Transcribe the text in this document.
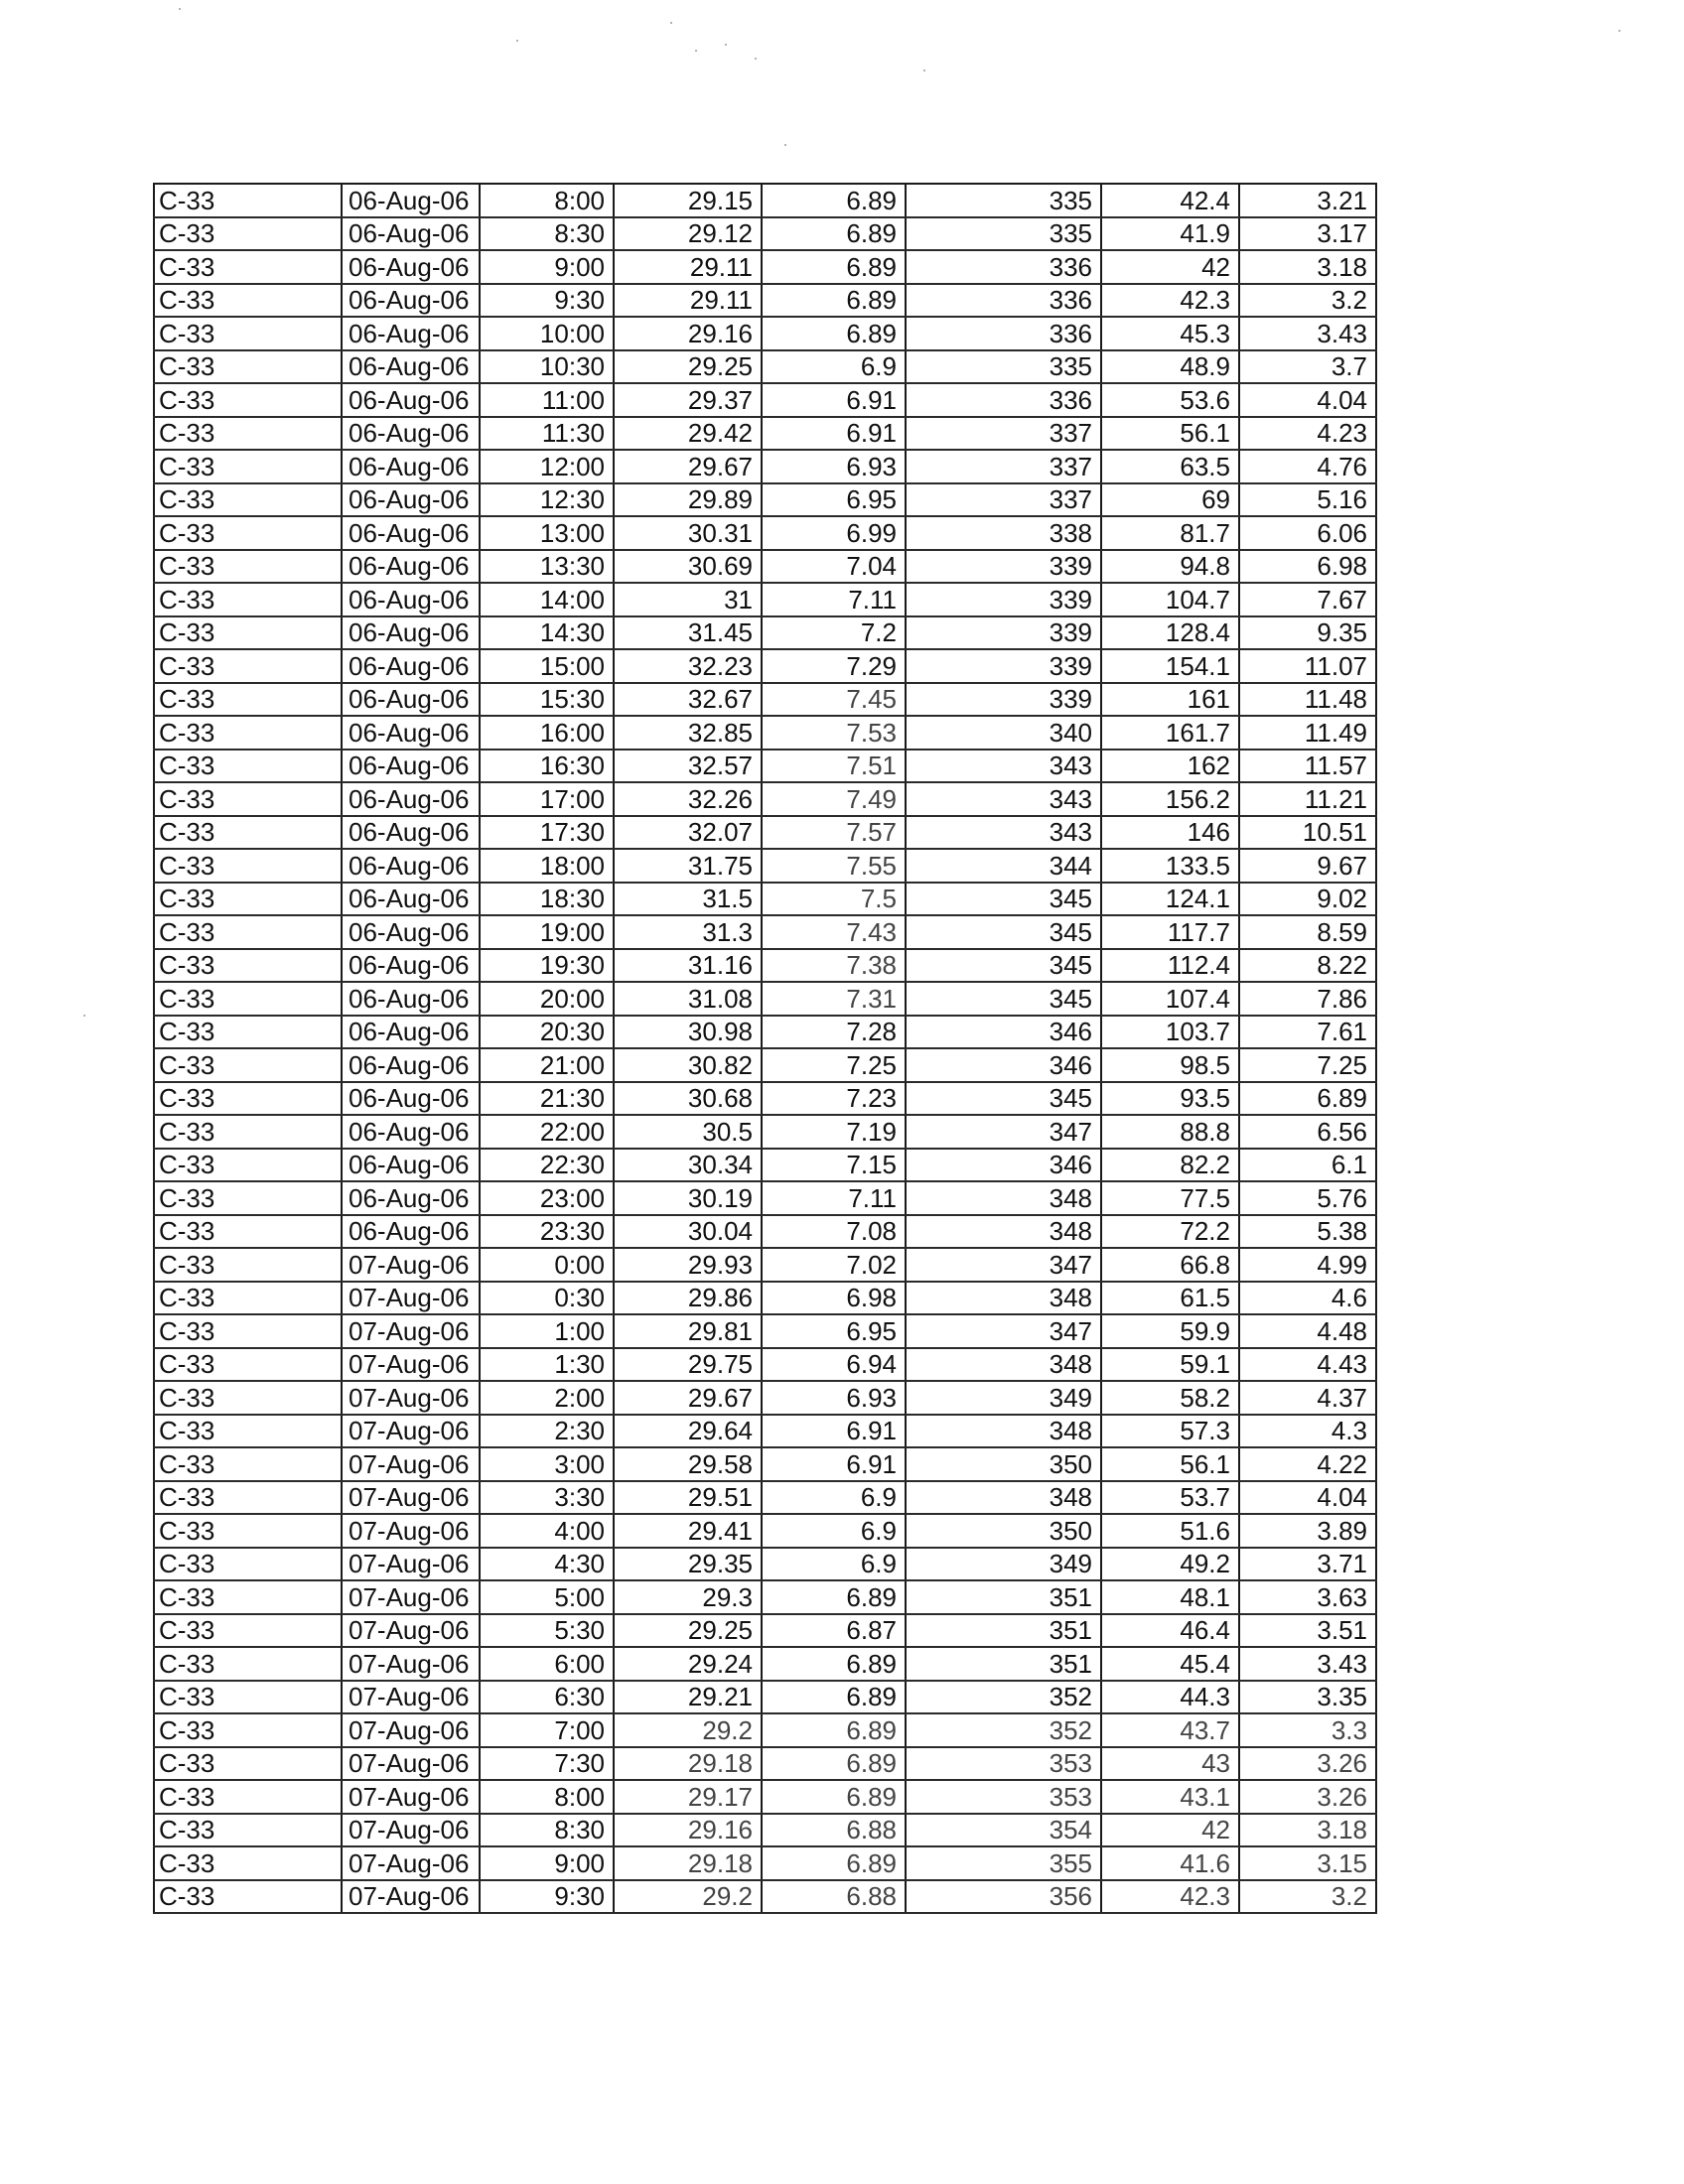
C-33	06-Aug-06	8:00	29.15	6.89	335	42.4	3.21
C-33	06-Aug-06	8:30	29.12	6.89	335	41.9	3.17
C-33	06-Aug-06	9:00	29.11	6.89	336	42	3.18
C-33	06-Aug-06	9:30	29.11	6.89	336	42.3	3.2
C-33	06-Aug-06	10:00	29.16	6.89	336	45.3	3.43
C-33	06-Aug-06	10:30	29.25	6.9	335	48.9	3.7
C-33	06-Aug-06	11:00	29.37	6.91	336	53.6	4.04
C-33	06-Aug-06	11:30	29.42	6.91	337	56.1	4.23
C-33	06-Aug-06	12:00	29.67	6.93	337	63.5	4.76
C-33	06-Aug-06	12:30	29.89	6.95	337	69	5.16
C-33	06-Aug-06	13:00	30.31	6.99	338	81.7	6.06
C-33	06-Aug-06	13:30	30.69	7.04	339	94.8	6.98
C-33	06-Aug-06	14:00	31	7.11	339	104.7	7.67
C-33	06-Aug-06	14:30	31.45	7.2	339	128.4	9.35
C-33	06-Aug-06	15:00	32.23	7.29	339	154.1	11.07
C-33	06-Aug-06	15:30	32.67	7.45	339	161	11.48
C-33	06-Aug-06	16:00	32.85	7.53	340	161.7	11.49
C-33	06-Aug-06	16:30	32.57	7.51	343	162	11.57
C-33	06-Aug-06	17:00	32.26	7.49	343	156.2	11.21
C-33	06-Aug-06	17:30	32.07	7.57	343	146	10.51
C-33	06-Aug-06	18:00	31.75	7.55	344	133.5	9.67
C-33	06-Aug-06	18:30	31.5	7.5	345	124.1	9.02
C-33	06-Aug-06	19:00	31.3	7.43	345	117.7	8.59
C-33	06-Aug-06	19:30	31.16	7.38	345	112.4	8.22
C-33	06-Aug-06	20:00	31.08	7.31	345	107.4	7.86
C-33	06-Aug-06	20:30	30.98	7.28	346	103.7	7.61
C-33	06-Aug-06	21:00	30.82	7.25	346	98.5	7.25
C-33	06-Aug-06	21:30	30.68	7.23	345	93.5	6.89
C-33	06-Aug-06	22:00	30.5	7.19	347	88.8	6.56
C-33	06-Aug-06	22:30	30.34	7.15	346	82.2	6.1
C-33	06-Aug-06	23:00	30.19	7.11	348	77.5	5.76
C-33	06-Aug-06	23:30	30.04	7.08	348	72.2	5.38
C-33	07-Aug-06	0:00	29.93	7.02	347	66.8	4.99
C-33	07-Aug-06	0:30	29.86	6.98	348	61.5	4.6
C-33	07-Aug-06	1:00	29.81	6.95	347	59.9	4.48
C-33	07-Aug-06	1:30	29.75	6.94	348	59.1	4.43
C-33	07-Aug-06	2:00	29.67	6.93	349	58.2	4.37
C-33	07-Aug-06	2:30	29.64	6.91	348	57.3	4.3
C-33	07-Aug-06	3:00	29.58	6.91	350	56.1	4.22
C-33	07-Aug-06	3:30	29.51	6.9	348	53.7	4.04
C-33	07-Aug-06	4:00	29.41	6.9	350	51.6	3.89
C-33	07-Aug-06	4:30	29.35	6.9	349	49.2	3.71
C-33	07-Aug-06	5:00	29.3	6.89	351	48.1	3.63
C-33	07-Aug-06	5:30	29.25	6.87	351	46.4	3.51
C-33	07-Aug-06	6:00	29.24	6.89	351	45.4	3.43
C-33	07-Aug-06	6:30	29.21	6.89	352	44.3	3.35
C-33	07-Aug-06	7:00	29.2	6.89	352	43.7	3.3
C-33	07-Aug-06	7:30	29.18	6.89	353	43	3.26
C-33	07-Aug-06	8:00	29.17	6.89	353	43.1	3.26
C-33	07-Aug-06	8:30	29.16	6.88	354	42	3.18
C-33	07-Aug-06	9:00	29.18	6.89	355	41.6	3.15
C-33	07-Aug-06	9:30	29.2	6.88	356	42.3	3.2
